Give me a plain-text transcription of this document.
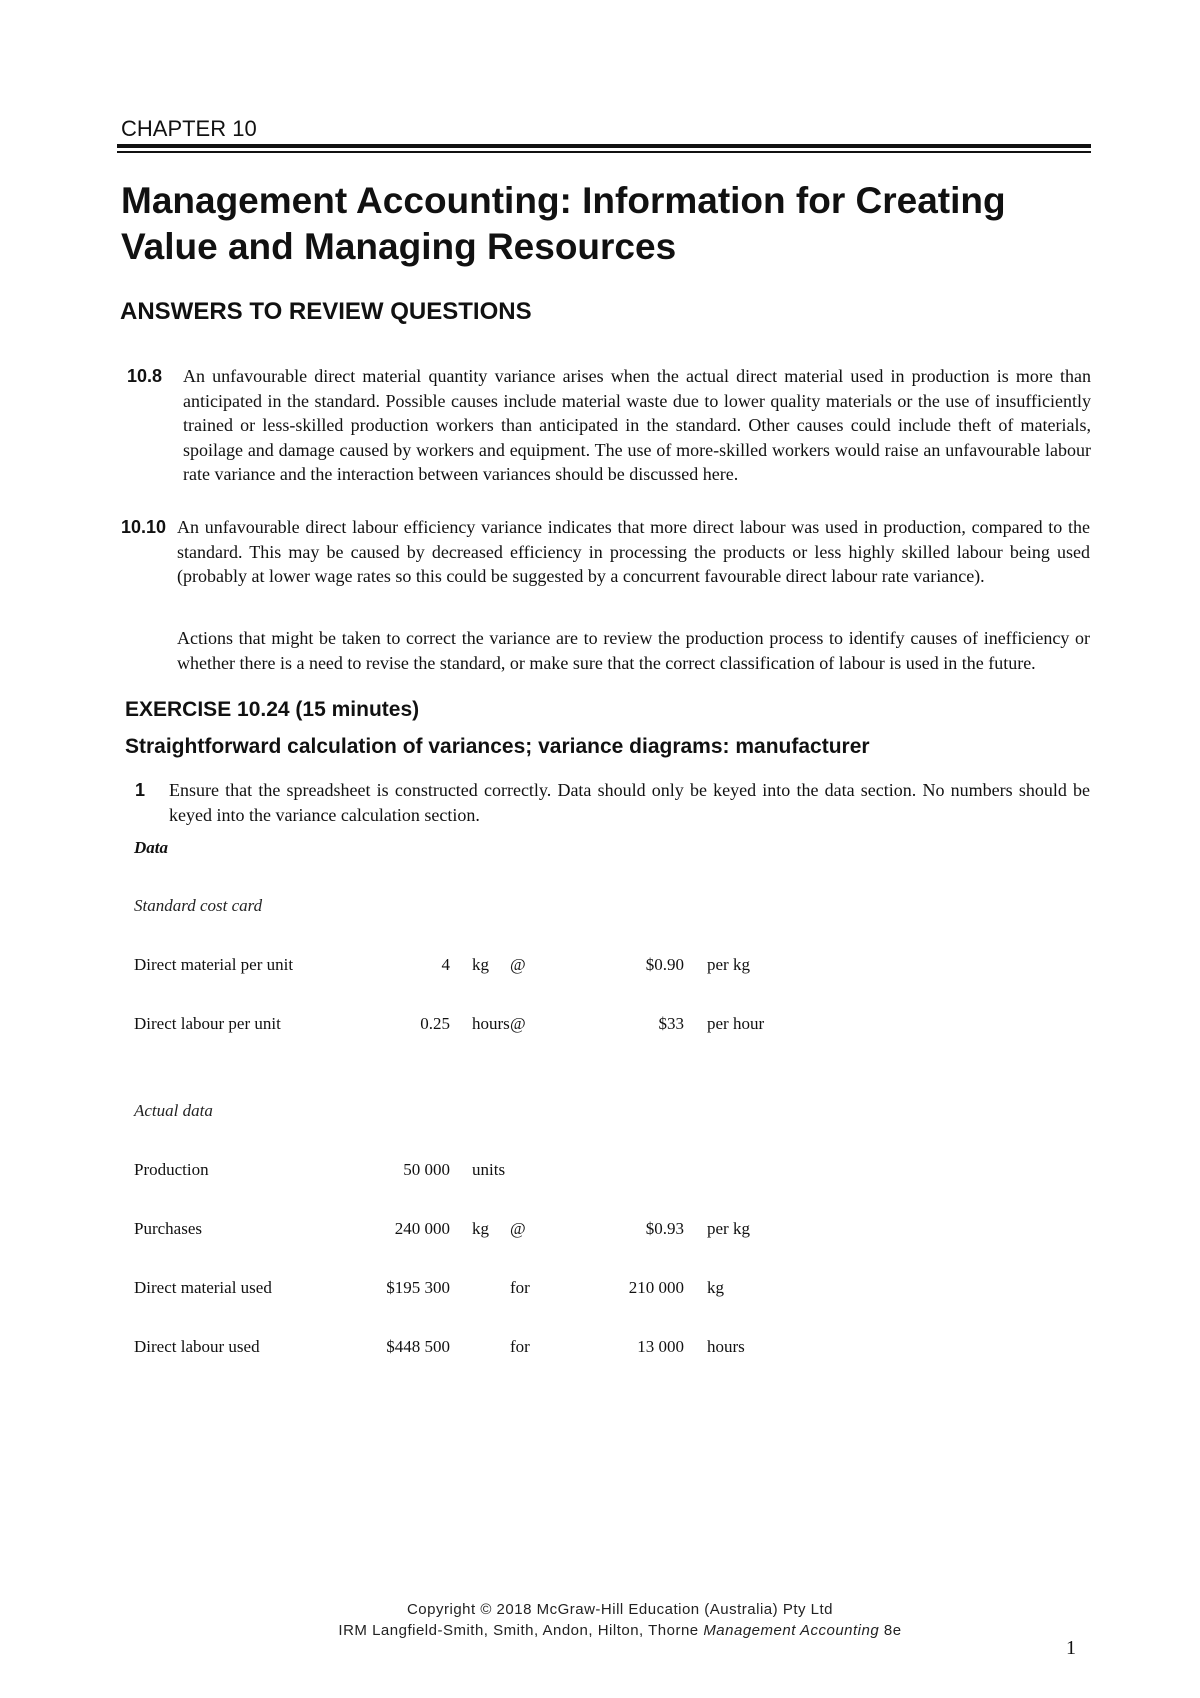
CHAPTER 10
Management Accounting: Information for Creating Value and Managing Resources
ANSWERS TO REVIEW QUESTIONS
10.8 An unfavourable direct material quantity variance arises when the actual direct material used in production is more than anticipated in the standard. Possible causes include material waste due to lower quality materials or the use of insufficiently trained or less-skilled production workers than anticipated in the standard. Other causes could include theft of materials, spoilage and damage caused by workers and equipment. The use of more-skilled workers would raise an unfavourable labour rate variance and the interaction between variances should be discussed here.

10.10 An unfavourable direct labour efficiency variance indicates that more direct labour was used in production, compared to the standard. This may be caused by decreased efficiency in processing the products or less highly skilled labour being used (probably at lower wage rates so this could be suggested by a concurrent favourable direct labour rate variance).

Actions that might be taken to correct the variance are to review the production process to identify causes of inefficiency or whether there is a need to revise the standard, or make sure that the correct classification of labour is used in the future.

EXERCISE 10.24 (15 minutes)
Straightforward calculation of variances; variance diagrams: manufacturer
1 Ensure that the spreadsheet is constructed correctly. Data should only be keyed into the data section. No numbers should be keyed into the variance calculation section.

Data
Standard cost card
Actual data
Direct material per unit	4 kg @	$0.90 per kg
Direct labour per unit	0.25 hours @	$33 per hour
Production	50 000 units
Purchases	240 000 kg @	$0.93 per kg
Direct material used	$195 300	for	210 000 kg
Direct labour used	$448 500	for	13 000 hours
Copyright © 2018 McGraw-Hill Education (Australia) Pty Ltd
IRM Langfield-Smith, Smith, Andon, Hilton, Thorne Management Accounting 8e
1
